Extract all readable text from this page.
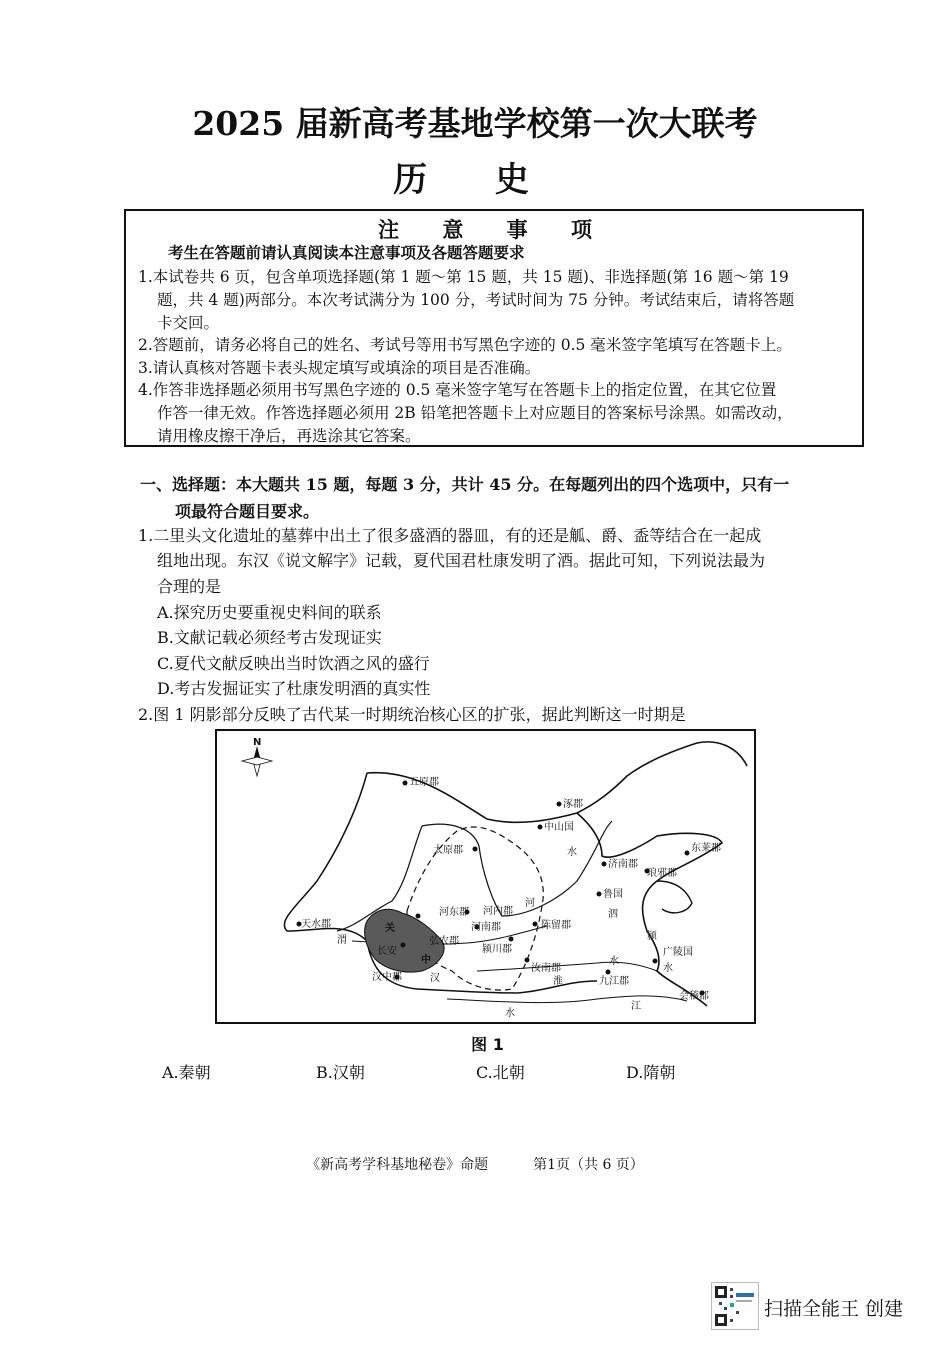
2025 届新高考基地学校第一次大联考
历 史
注 意 事 项
考生在答题前请认真阅读本注意事项及各题答题要求
1.本试卷共 6 页，包含单项选择题(第 1 题～第 15 题，共 15 题)、非选择题(第 16 题～第 19
题，共 4 题)两部分。本次考试满分为 100 分，考试时间为 75 分钟。考试结束后，请将答题
卡交回。
2.答题前，请务必将自己的姓名、考试号等用书写黑色字迹的 0.5 毫米签字笔填写在答题卡上。
3.请认真核对答题卡表头规定填写或填涂的项目是否准确。
4.作答非选择题必须用书写黑色字迹的 0.5 毫米签字笔写在答题卡上的指定位置，在其它位置
作答一律无效。作答选择题必须用 2B 铅笔把答题卡上对应题目的答案标号涂黑。如需改动，
请用橡皮擦干净后，再选涂其它答案。
一、选择题：本大题共 15 题，每题 3 分，共计 45 分。在每题列出的四个选项中，只有一
项最符合题目要求。
1.二里头文化遗址的墓葬中出土了很多盛酒的器皿，有的还是觚、爵、盉等结合在一起成
组地出现。东汉《说文解字》记载，夏代国君杜康发明了酒。据此可知，下列说法最为
合理的是
A.探究历史要重视史料间的联系
B.文献记载必须经考古发现证实
C.夏代文献反映出当时饮酒之风的盛行
D.考古发掘证实了杜康发明酒的真实性
2.图 1 阴影部分反映了古代某一时期统治核心区的扩张，据此判断这一时期是
N
五原郡
涿郡
中山国
太原郡	东莱郡
济南郡
琅邪郡
鲁国
天水郡
河东郡 河内郡
河南郡
弘农郡
陈留郡
颍川郡
汝南郡
九江郡
广陵国
会稽郡
汉中郡
关
中
长安
渭
淮
水
水
水
水
河
泗
江
汉
颍
图 1
A.秦朝	B.汉朝	C.北朝	D.隋朝
《新高考学科基地秘卷》命题	第1页（共 6 页）
扫描全能王 创建
